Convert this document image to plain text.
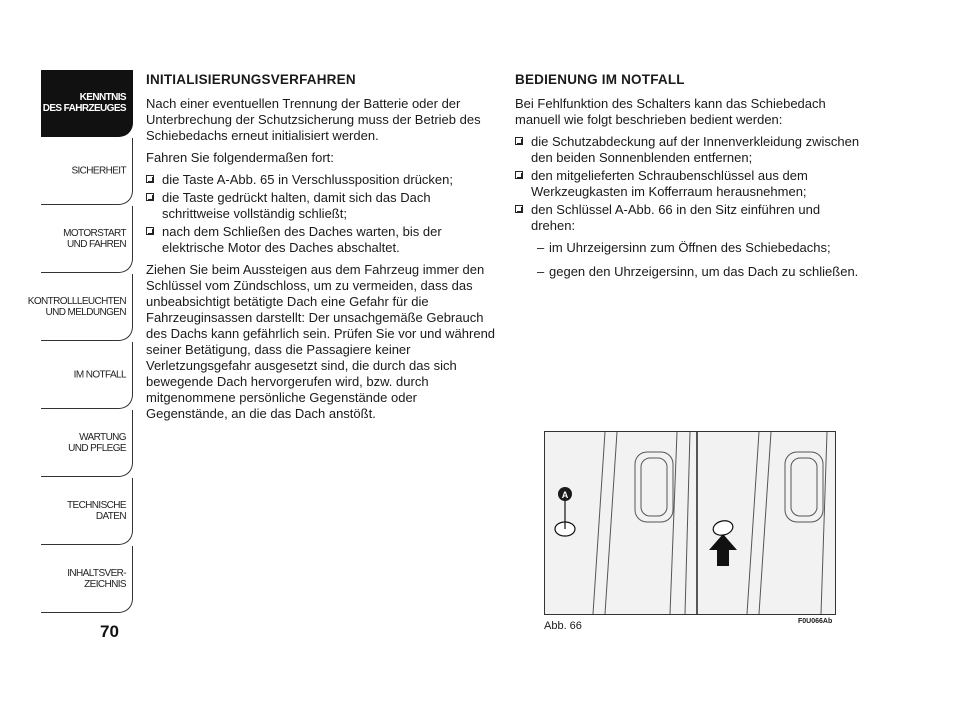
KENNTNIS
DES FAHRZEUGES
SICHERHEIT
MOTORSTART
UND FAHREN
KONTROLLLEUCHTEN
UND MELDUNGEN
IM NOTFALL
WARTUNG
UND PFLEGE
TECHNISCHE
DATEN
INHALTSVER-
ZEICHNIS
70
INITIALISIERUNGSVERFAHREN

Nach einer eventuellen Trennung der Batterie oder der Unterbrechung der Schutzsicherung muss der Betrieb des Schiebedachs erneut initialisiert werden.

Fahren Sie folgendermaßen fort:

die Taste A-Abb. 65 in Verschlussposition drücken;
die Taste gedrückt halten, damit sich das Dach schrittweise vollständig schließt;
nach dem Schließen des Daches warten, bis der elektrische Motor des Daches abschaltet.

Ziehen Sie beim Aussteigen aus dem Fahrzeug immer den Schlüssel vom Zündschloss, um zu vermeiden, dass das unbeabsichtigt betätigte Dach eine Gefahr für die Fahrzeuginsassen darstellt: Der unsachgemäße Gebrauch des Dachs kann gefährlich sein. Prüfen Sie vor und während seiner Betätigung, dass die Passagiere keiner Verletzungsgefahr ausgesetzt sind, die durch das sich bewegende Dach hervorgerufen wird, bzw. durch mitgenommene persönliche Gegenstände oder Gegenstände, an die das Dach anstößt.

BEDIENUNG IM NOTFALL

Bei Fehlfunktion des Schalters kann das Schiebedach manuell wie folgt beschrieben bedient werden:

die Schutzabdeckung auf der Innenverkleidung zwischen den beiden Sonnenblenden entfernen;
den mitgelieferten Schraubenschlüssel aus dem Werkzeugkasten im Kofferraum herausnehmen;
den Schlüssel A-Abb. 66 in den Sitz einführen und drehen:
– im Uhrzeigersinn zum Öffnen des Schiebedachs;
– gegen den Uhrzeigersinn, um das Dach zu schließen.
A
Abb. 66	F0U066Ab
